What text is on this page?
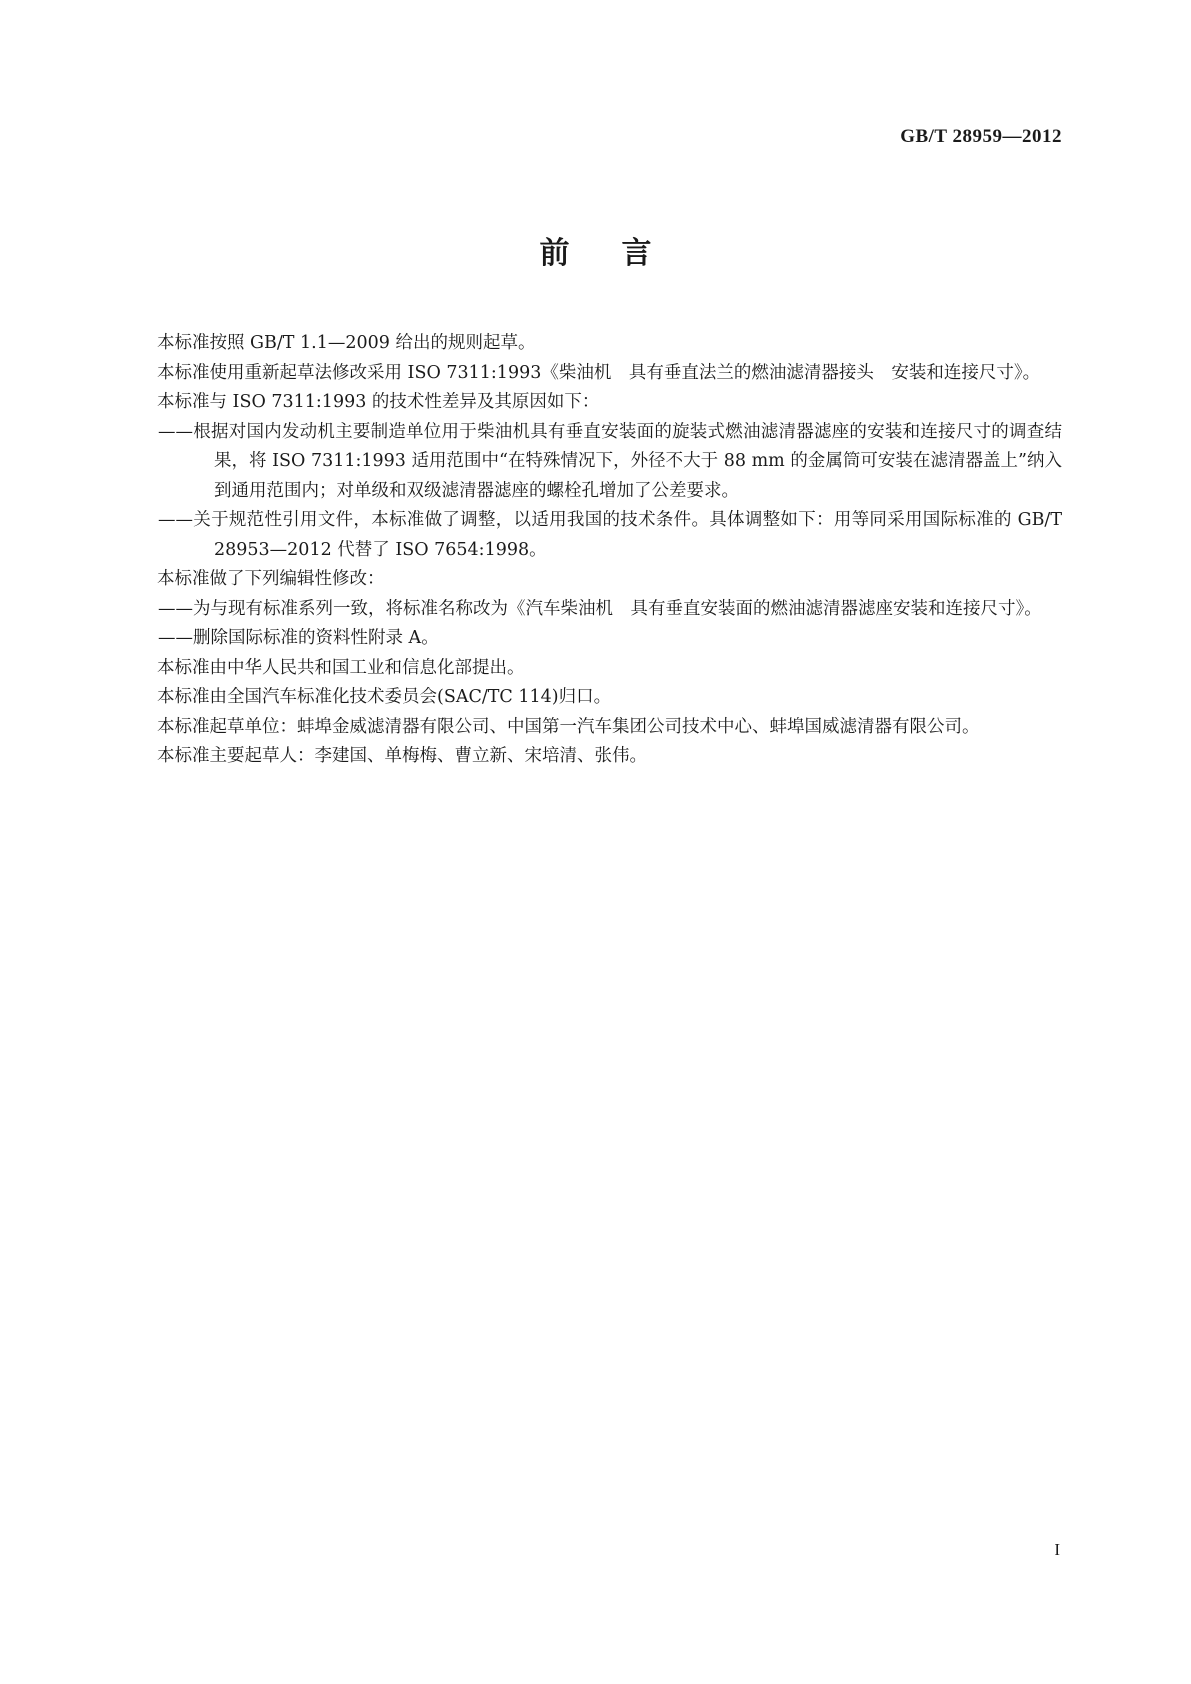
GB/T 28959—2012
前言

本标准按照 GB/T 1.1—2009 给出的规则起草。

本标准使用重新起草法修改采用 ISO 7311:1993《柴油机　具有垂直法兰的燃油滤清器接头　安装和连接尺寸》。

本标准与 ISO 7311:1993 的技术性差异及其原因如下：

——根据对国内发动机主要制造单位用于柴油机具有垂直安装面的旋装式燃油滤清器滤座的安装和连接尺寸的调查结果，将 ISO 7311:1993 适用范围中“在特殊情况下，外径不大于 88 mm 的金属筒可安装在滤清器盖上”纳入到通用范围内；对单级和双级滤清器滤座的螺栓孔增加了公差要求。

——关于规范性引用文件，本标准做了调整，以适用我国的技术条件。具体调整如下：用等同采用国际标准的 GB/T 28953—2012 代替了 ISO 7654:1998。

本标准做了下列编辑性修改：

——为与现有标准系列一致，将标准名称改为《汽车柴油机　具有垂直安装面的燃油滤清器滤座安装和连接尺寸》。

——删除国际标准的资料性附录 A。

本标准由中华人民共和国工业和信息化部提出。

本标准由全国汽车标准化技术委员会(SAC/TC 114)归口。

本标准起草单位：蚌埠金威滤清器有限公司、中国第一汽车集团公司技术中心、蚌埠国威滤清器有限公司。

本标准主要起草人：李建国、单梅梅、曹立新、宋培清、张伟。

I
